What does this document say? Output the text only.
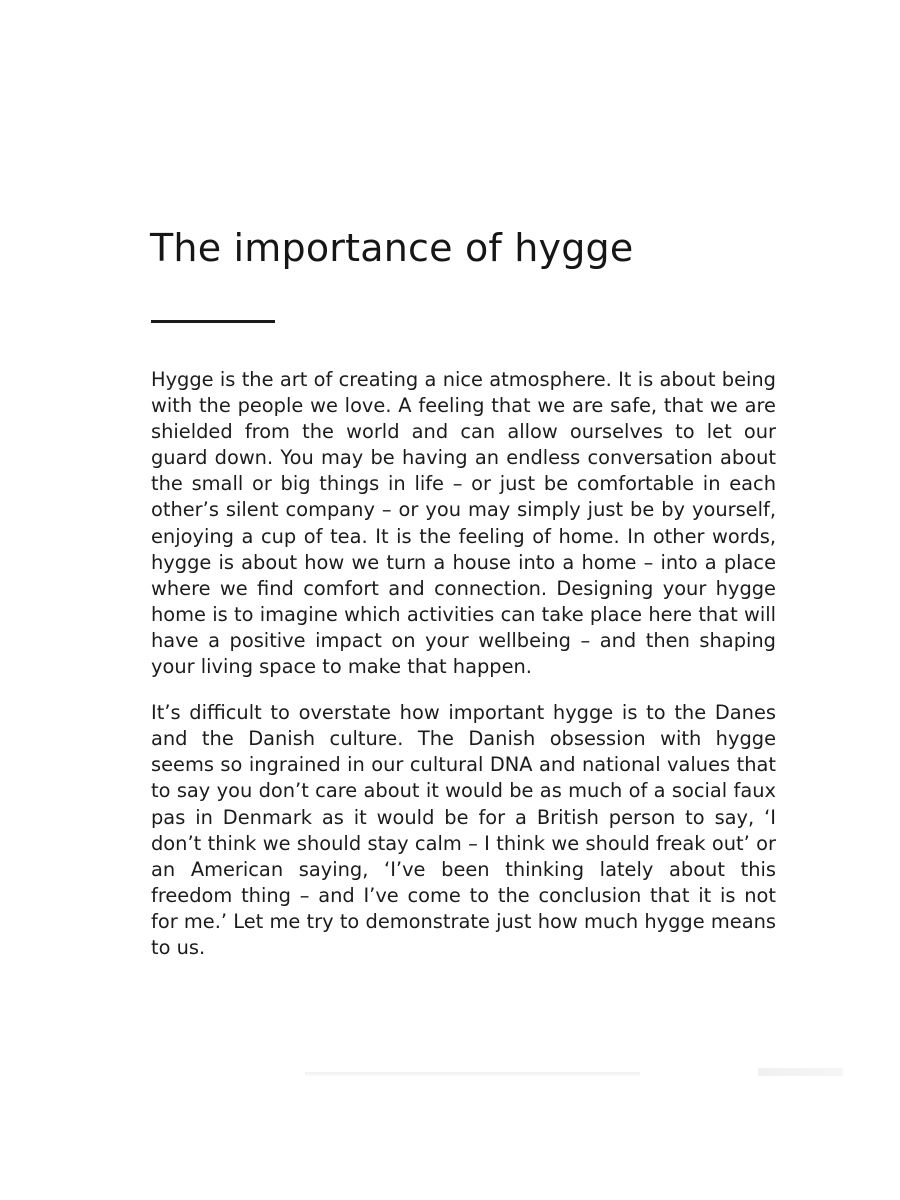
The importance of hygge

Hygge is the art of creating a nice atmosphere. It is about being with the people we love. A feeling that we are safe, that we are shielded from the world and can allow ourselves to let our guard down. You may be having an endless conversation about the small or big things in life – or just be comfortable in each other’s silent company – or you may simply just be by yourself, enjoying a cup of tea. It is the feeling of home. In other words, hygge is about how we turn a house into a home – into a place where we find comfort and connection. Designing your hygge home is to imagine which activities can take place here that will have a positive impact on your wellbeing – and then shaping your living space to make that happen.

It’s difficult to overstate how important hygge is to the Danes and the Danish culture. The Danish obsession with hygge seems so ingrained in our cultural DNA and national values that to say you don’t care about it would be as much of a social faux pas in Denmark as it would be for a British person to say, ‘I don’t think we should stay calm – I think we should freak out’ or an American saying, ‘I’ve been thinking lately about this freedom thing – and I’ve come to the conclusion that it is not for me.’ Let me try to demonstrate just how much hygge means to us.
